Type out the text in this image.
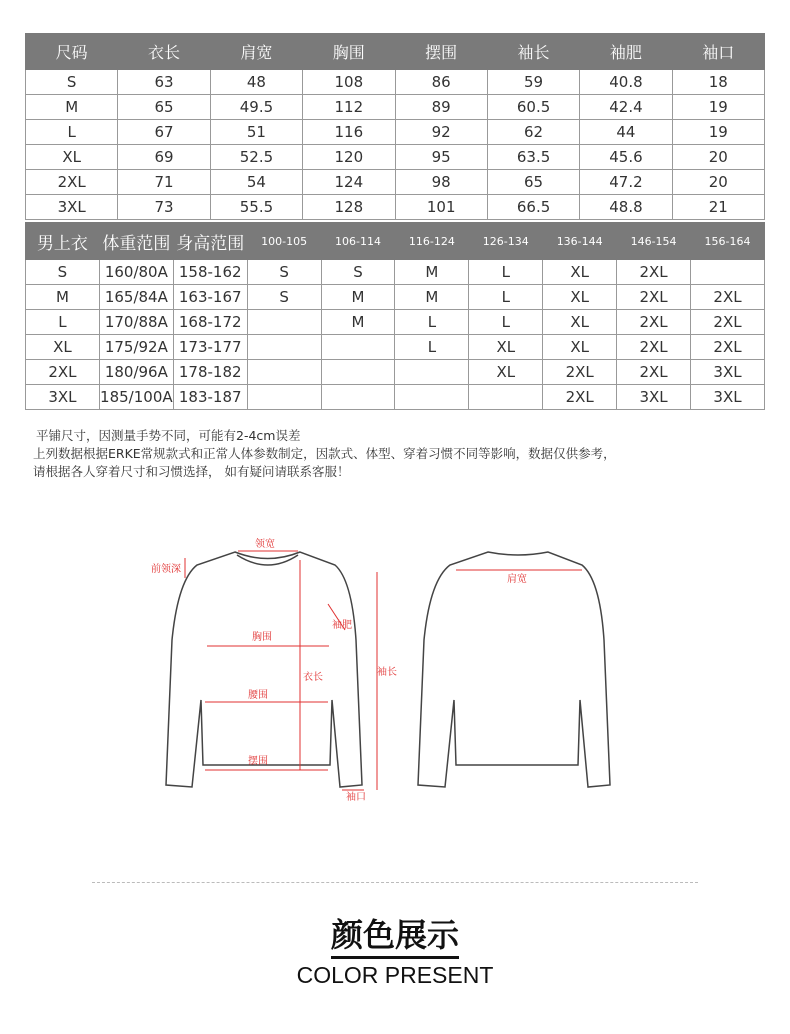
尺码	衣长	肩宽	胸围	摆围	袖长	袖肥	袖口
S	63	48	108	86	59	40.8	18
M	65	49.5	112	89	60.5	42.4	19
L	67	51	116	92	62	44	19
XL	69	52.5	120	95	63.5	45.6	20
2XL	71	54	124	98	65	47.2	20
3XL	73	55.5	128	101	66.5	48.8	21
男上衣	体重范围	身高范围	100-105	106-114	116-124	126-134	136-144	146-154	156-164
S	160/80A	158-162	S	S	M	L	XL	2XL	
M	165/84A	163-167	S	M	M	L	XL	2XL	2XL
L	170/88A	168-172		M	L	L	XL	2XL	2XL
XL	175/92A	173-177			L	XL	XL	2XL	2XL
2XL	180/96A	178-182				XL	2XL	2XL	3XL
3XL	185/100A	183-187					2XL	3XL	3XL
平铺尺寸，因测量手势不同，可能有2-4cm误差
上列数据根据ERKE常规款式和正常人体参数制定，因款式、体型、穿着习惯不同等影响，数据仅供参考，
请根据各人穿着尺寸和习惯选择， 如有疑问请联系客服！
领宽
前领深
胸围
袖肥
衣长	袖长
腰围
摆围
袖口
肩宽
颜色展示
COLOR PRESENT
